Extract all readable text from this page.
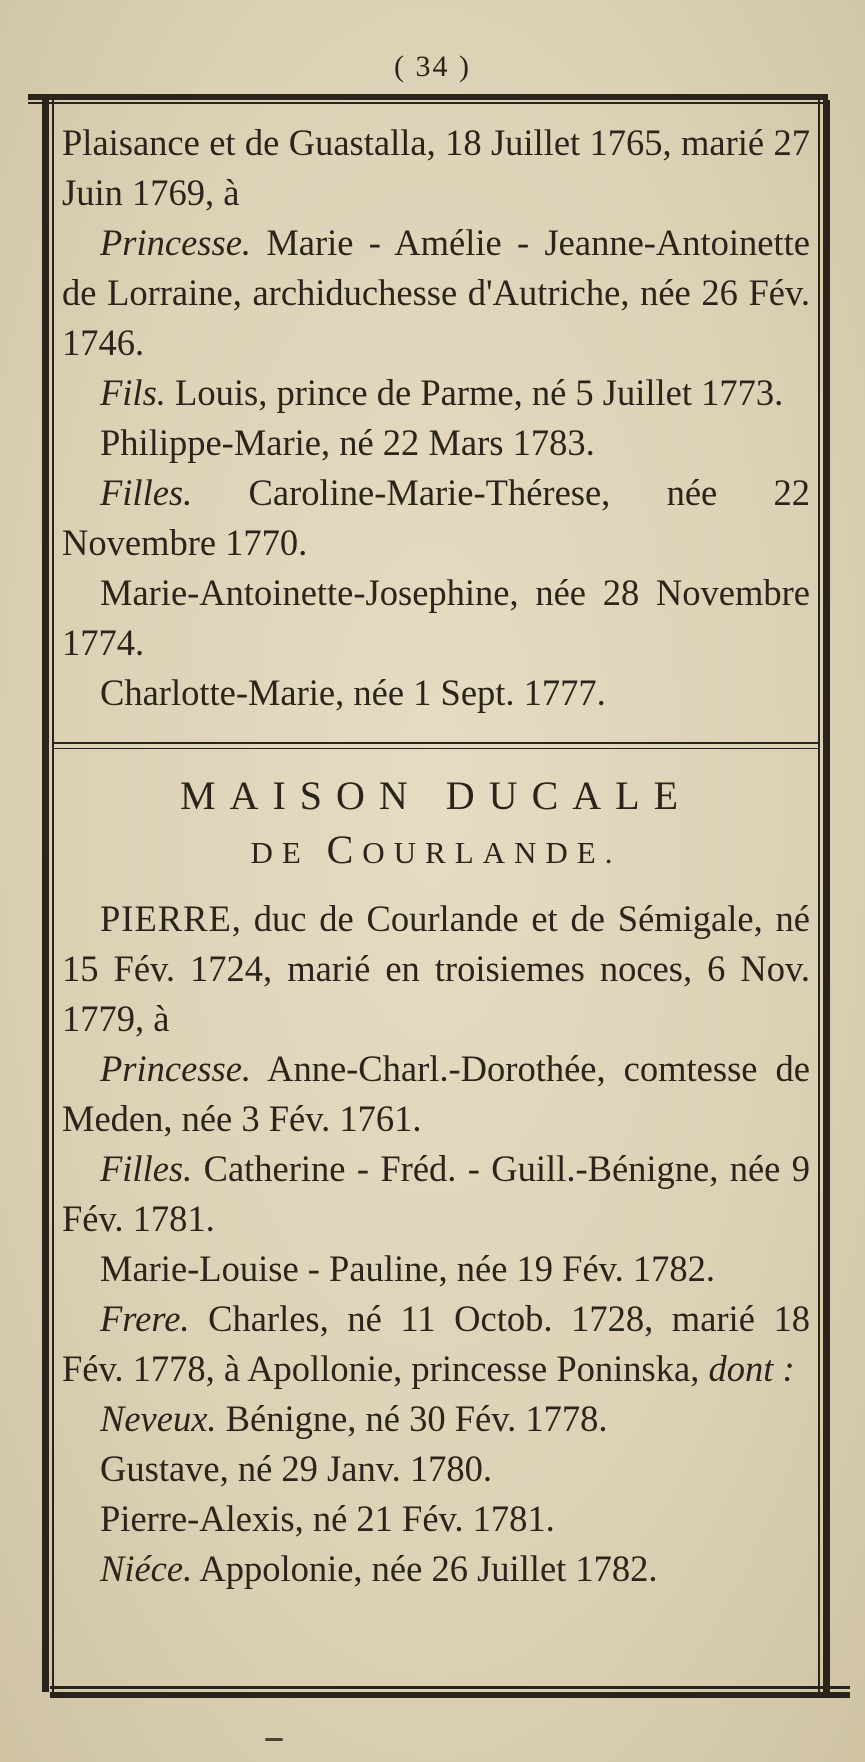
( 34 )

Plaisance et de Guastalla, 18 Juillet 1765, marié 27 Juin 1769, à

Princesse. Marie - Amélie - Jeanne-Antoinette de Lorraine, archiduchesse d'Autriche, née 26 Fév. 1746.

Fils. Louis, prince de Parme, né 5 Juillet 1773.

Philippe-Marie, né 22 Mars 1783.

Filles. Caroline-Marie-Thérese, née 22 Novembre 1770.

Marie-Antoinette-Josephine, née 28 Novembre 1774.

Charlotte-Marie, née 1 Sept. 1777.

MAISON DUCALE
DE COURLANDE.

PIERRE, duc de Courlande et de Sémigale, né 15 Fév. 1724, marié en troisiemes noces, 6 Nov. 1779, à

Princesse. Anne-Charl.-Dorothée, comtesse de Meden, née 3 Fév. 1761.

Filles. Catherine - Fréd. - Guill.-Bénigne, née 9 Fév. 1781.

Marie-Louise - Pauline, née 19 Fév. 1782.

Frere. Charles, né 11 Octob. 1728, marié 18 Fév. 1778, à Apollonie, princesse Poninska, dont :

Neveux. Bénigne, né 30 Fév. 1778.

Gustave, né 29 Janv. 1780.

Pierre-Alexis, né 21 Fév. 1781.

Niéce. Appolonie, née 26 Juillet 1782.
